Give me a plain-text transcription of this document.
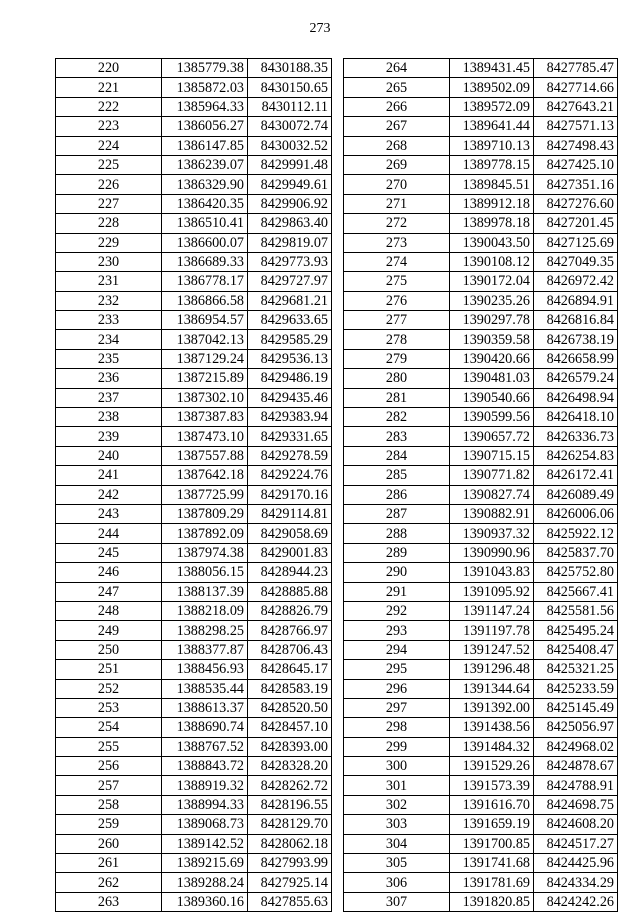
273
220	1385779.38	8430188.35
221	1385872.03	8430150.65
222	1385964.33	8430112.11
223	1386056.27	8430072.74
224	1386147.85	8430032.52
225	1386239.07	8429991.48
226	1386329.90	8429949.61
227	1386420.35	8429906.92
228	1386510.41	8429863.40
229	1386600.07	8429819.07
230	1386689.33	8429773.93
231	1386778.17	8429727.97
232	1386866.58	8429681.21
233	1386954.57	8429633.65
234	1387042.13	8429585.29
235	1387129.24	8429536.13
236	1387215.89	8429486.19
237	1387302.10	8429435.46
238	1387387.83	8429383.94
239	1387473.10	8429331.65
240	1387557.88	8429278.59
241	1387642.18	8429224.76
242	1387725.99	8429170.16
243	1387809.29	8429114.81
244	1387892.09	8429058.69
245	1387974.38	8429001.83
246	1388056.15	8428944.23
247	1388137.39	8428885.88
248	1388218.09	8428826.79
249	1388298.25	8428766.97
250	1388377.87	8428706.43
251	1388456.93	8428645.17
252	1388535.44	8428583.19
253	1388613.37	8428520.50
254	1388690.74	8428457.10
255	1388767.52	8428393.00
256	1388843.72	8428328.20
257	1388919.32	8428262.72
258	1388994.33	8428196.55
259	1389068.73	8428129.70
260	1389142.52	8428062.18
261	1389215.69	8427993.99
262	1389288.24	8427925.14
263	1389360.16	8427855.63
264	1389431.45	8427785.47
265	1389502.09	8427714.66
266	1389572.09	8427643.21
267	1389641.44	8427571.13
268	1389710.13	8427498.43
269	1389778.15	8427425.10
270	1389845.51	8427351.16
271	1389912.18	8427276.60
272	1389978.18	8427201.45
273	1390043.50	8427125.69
274	1390108.12	8427049.35
275	1390172.04	8426972.42
276	1390235.26	8426894.91
277	1390297.78	8426816.84
278	1390359.58	8426738.19
279	1390420.66	8426658.99
280	1390481.03	8426579.24
281	1390540.66	8426498.94
282	1390599.56	8426418.10
283	1390657.72	8426336.73
284	1390715.15	8426254.83
285	1390771.82	8426172.41
286	1390827.74	8426089.49
287	1390882.91	8426006.06
288	1390937.32	8425922.12
289	1390990.96	8425837.70
290	1391043.83	8425752.80
291	1391095.92	8425667.41
292	1391147.24	8425581.56
293	1391197.78	8425495.24
294	1391247.52	8425408.47
295	1391296.48	8425321.25
296	1391344.64	8425233.59
297	1391392.00	8425145.49
298	1391438.56	8425056.97
299	1391484.32	8424968.02
300	1391529.26	8424878.67
301	1391573.39	8424788.91
302	1391616.70	8424698.75
303	1391659.19	8424608.20
304	1391700.85	8424517.27
305	1391741.68	8424425.96
306	1391781.69	8424334.29
307	1391820.85	8424242.26
